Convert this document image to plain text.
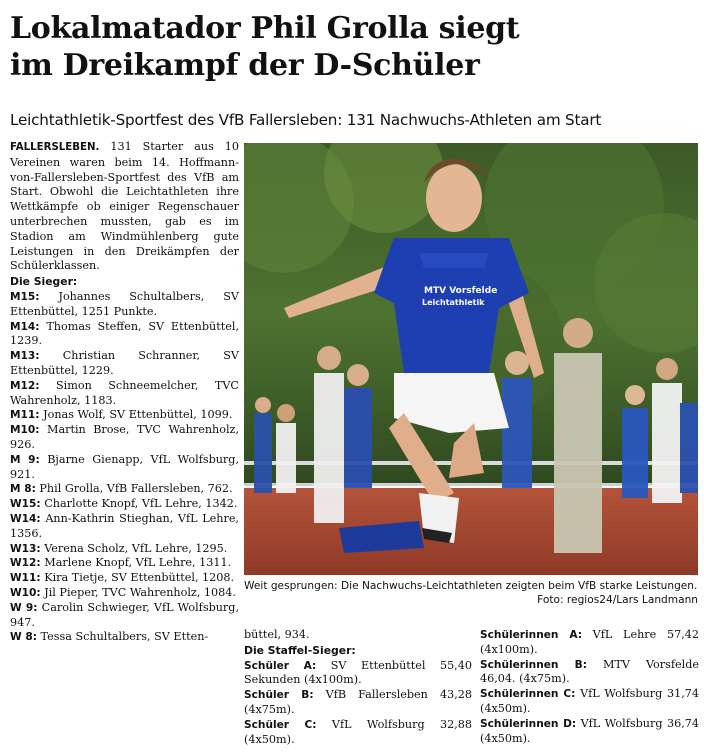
Lokalmatador Phil Grolla siegt
im Dreikampf der D-Schüler
Leichtathletik-Sportfest des VfB Fallersleben: 131 Nachwuchs-Athleten am Start
FALLERSLEBEN. 131 Starter aus 10 Vereinen waren beim 14. Hoffmann-von-Fallersleben-Sportfest des VfB am Start. Obwohl die Leichtathleten ihre Wettkämpfe ob einiger Regenschauer unterbrechen mussten, gab es im Stadion am Windmühlenberg gute Leistungen in den Dreikämpfen der Schülerklassen.
Die Sieger:
M15: Johannes Schultalbers, SV Ettenbüttel, 1251 Punkte.
M14: Thomas Steffen, SV Ettenbüttel, 1239.
M13: Christian Schranner, SV Ettenbüttel, 1229.
M12: Simon Schneemelcher, TVC Wahrenholz, 1183.
M11: Jonas Wolf, SV Ettenbüttel, 1099.
M10: Martin Brose, TVC Wahrenholz, 926.
M 9: Bjarne Gienapp, VfL Wolfsburg, 921.
M 8: Phil Grolla, VfB Fallersleben, 762.
W15: Charlotte Knopf, VfL Lehre, 1342.
W14: Ann-Kathrin Stieghan, VfL Lehre, 1356.
W13: Verena Scholz, VfL Lehre, 1295.
W12: Marlene Knopf, VfL Lehre, 1311.
W11: Kira Tietje, SV Ettenbüttel, 1208.
W10: Jil Pieper, TVC Wahrenholz, 1084.
W 9: Carolin Schwieger, VfL Wolfsburg, 947.
W 8: Tessa Schultalbers, SV Etten-
MTV Vorsfelde
Leichtathletik
Weit gesprungen: Die Nachwuchs-Leichtathleten zeigten beim VfB starke Leistungen.
Foto: regios24/Lars Landmann
büttel, 934.
Die Staffel-Sieger:
Schüler A: SV Ettenbüttel 55,40 Sekunden (4x100m).
Schüler B: VfB Fallersleben 43,28 (4x75m).
Schüler C: VfL Wolfsburg 32,88 (4x50m).
Schülerinnen A: VfL Lehre 57,42 (4x100m).
Schülerinnen B: MTV Vorsfelde 46,04. (4x75m).
Schülerinnen C: VfL Wolfsburg 31,74 (4x50m).
Schülerinnen D: VfL Wolfsburg 36,74 (4x50m).
